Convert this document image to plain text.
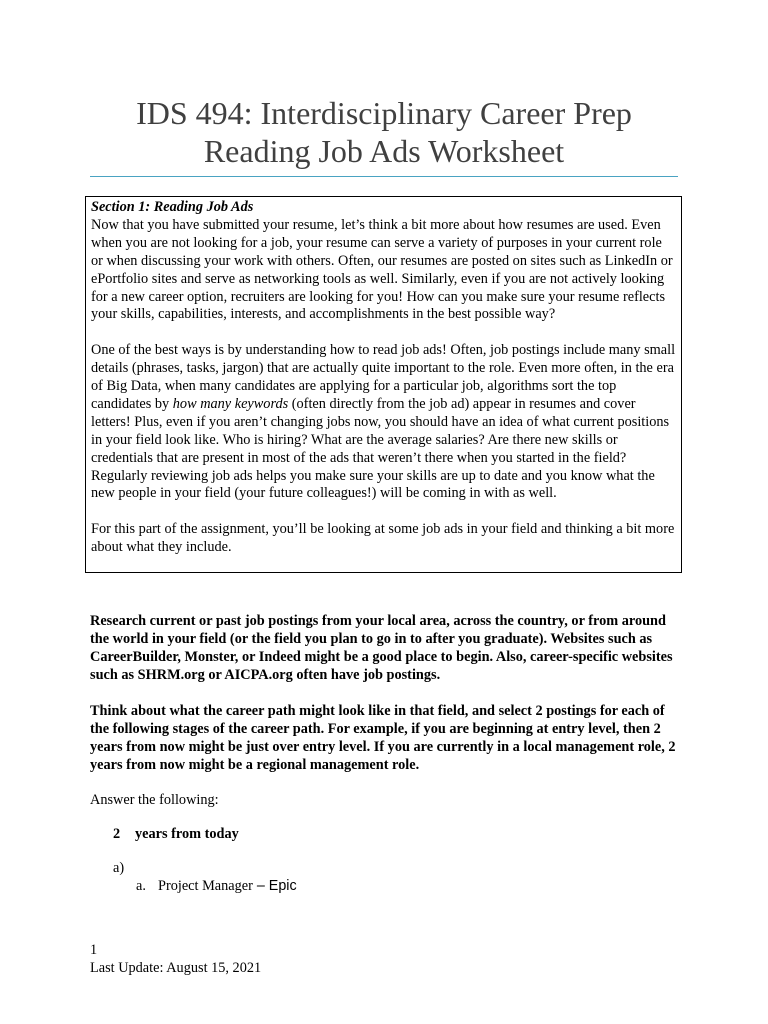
IDS 494: Interdisciplinary Career Prep
Reading Job Ads Worksheet

Section 1: Reading Job Ads

Now that you have submitted your resume, let’s think a bit more about how resumes are used. Even when you are not looking for a job, your resume can serve a variety of purposes in your current role or when discussing your work with others. Often, our resumes are posted on sites such as LinkedIn or ePortfolio sites and serve as networking tools as well. Similarly, even if you are not actively looking for a new career option, recruiters are looking for you! How can you make sure your resume reflects your skills, capabilities, interests, and accomplishments in the best possible way?

One of the best ways is by understanding how to read job ads! Often, job postings include many small details (phrases, tasks, jargon) that are actually quite important to the role. Even more often, in the era of Big Data, when many candidates are applying for a particular job, algorithms sort the top candidates by how many keywords (often directly from the job ad) appear in resumes and cover letters! Plus, even if you aren’t changing jobs now, you should have an idea of what current positions in your field look like. Who is hiring? What are the average salaries? Are there new skills or credentials that are present in most of the ads that weren’t there when you started in the field? Regularly reviewing job ads helps you make sure your skills are up to date and you know what the new people in your field (your future colleagues!) will be coming in with as well.

For this part of the assignment, you’ll be looking at some job ads in your field and thinking a bit more about what they include.

Research current or past job postings from your local area, across the country, or from around the world in your field (or the field you plan to go in to after you graduate). Websites such as CareerBuilder, Monster, or Indeed might be a good place to begin. Also, career-specific websites such as SHRM.org or AICPA.org often have job postings.
Think about what the career path might look like in that field, and select 2 postings for each of the following stages of the career path. For example, if you are beginning at entry level, then 2 years from now might be just over entry level. If you are currently in a local management role, 2 years from now might be a regional management role.
Answer the following:
2 years from today
a)
a. Project Manager – Epic
1
Last Update: August 15, 2021
